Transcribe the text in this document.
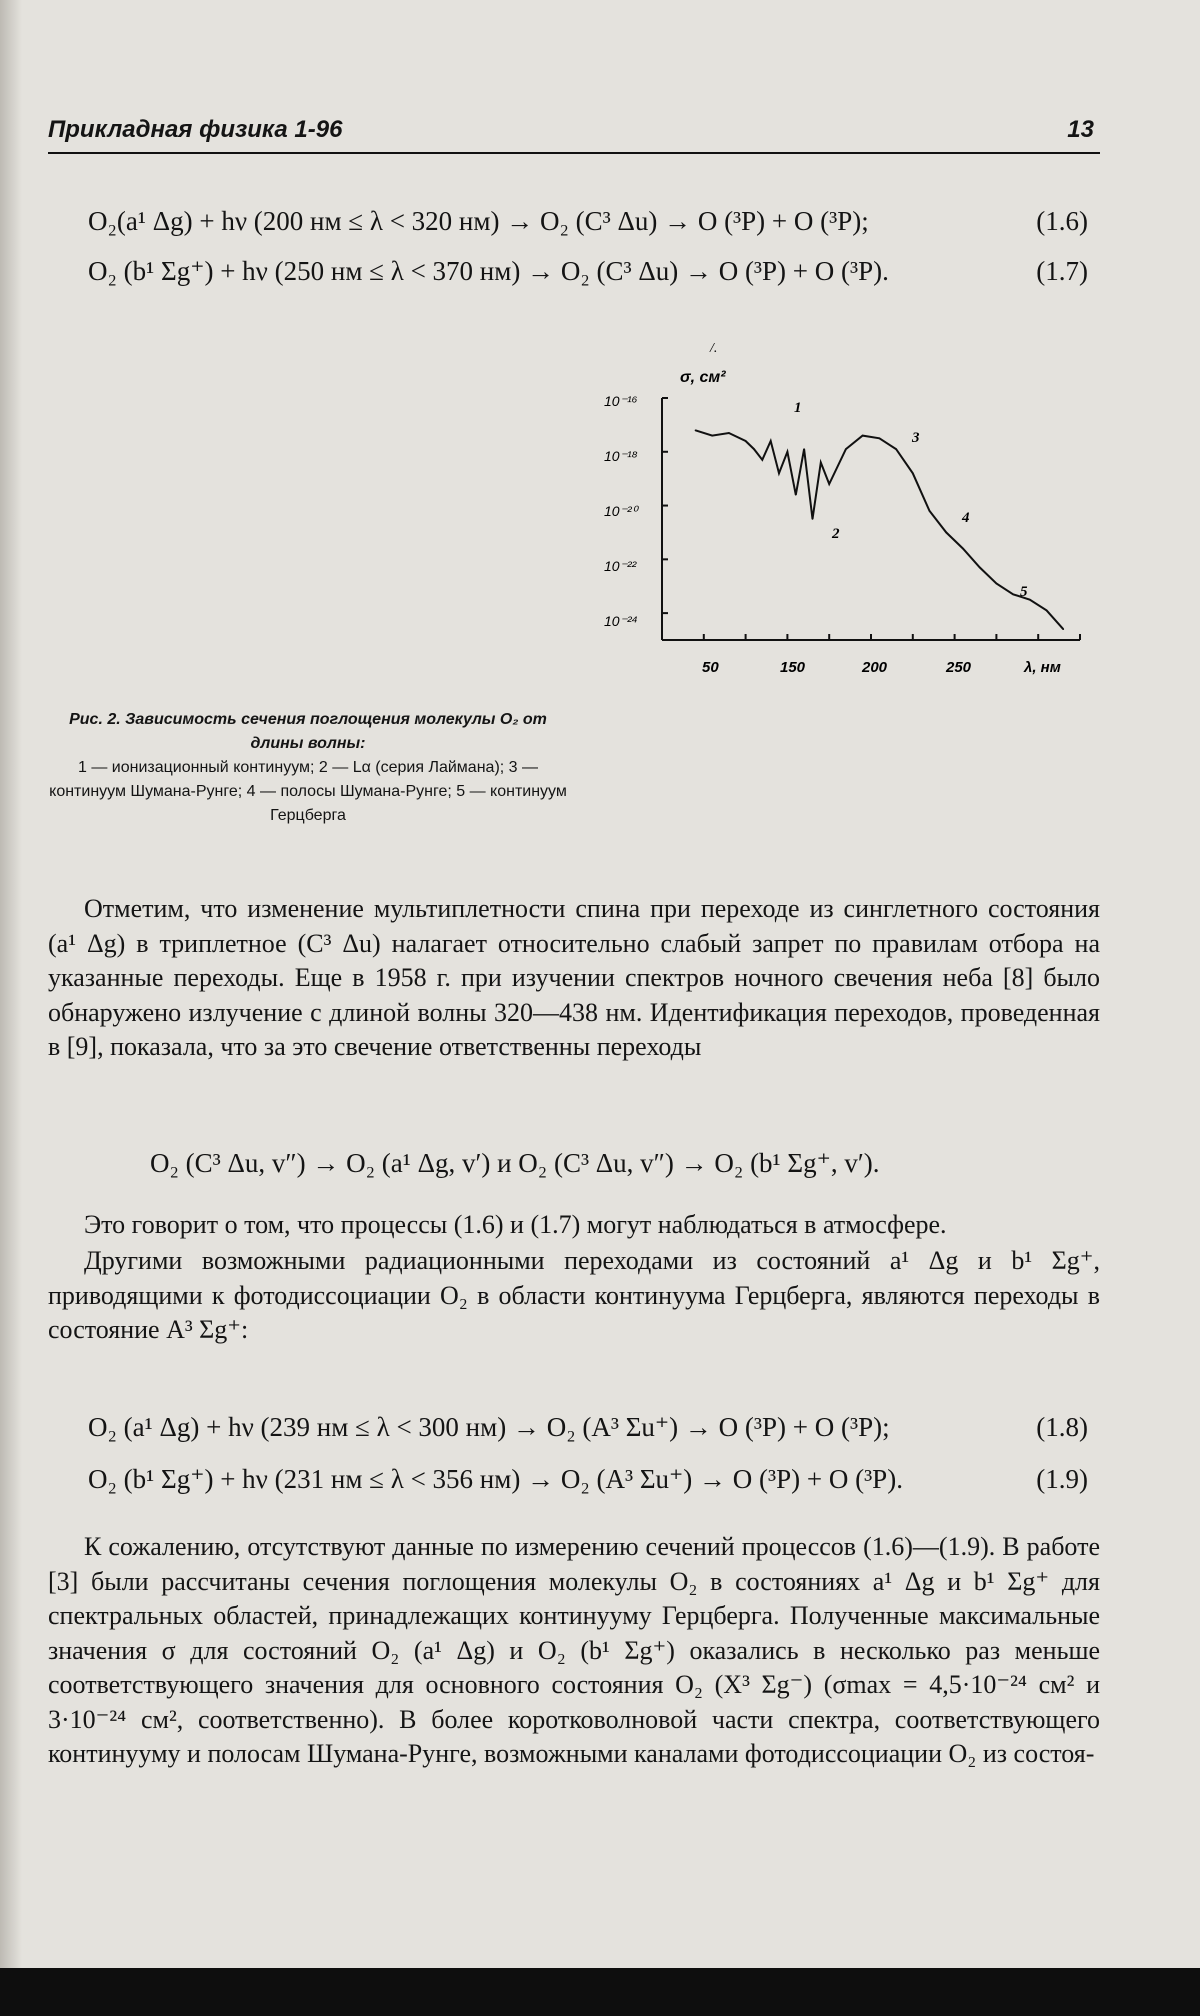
Прикладная физика 1-96	13
O₂(a¹ Δg) + hν (200 нм ≤ λ < 320 нм) → O₂ (C³ Δu) → O (³P) + O (³P);	(1.6)
O₂ (b¹ Σg⁺) + hν (250 нм ≤ λ < 370 нм) → O₂ (C³ Δu) → O (³P) + O (³P).	(1.7)
/.
σ, см²
10⁻¹⁶
10⁻¹⁸
10⁻²⁰
10⁻²²
10⁻²⁴
50	150	200	250	λ, нм
1
2
3
4
5
Рис. 2. Зависимость сечения поглощения молекулы O₂ от длины волны:
1 — ионизационный континуум; 2 — Lα (серия Лаймана); 3 — континуум Шумана-Рунге; 4 — полосы Шумана-Рунге; 5 — континуум Герцберга

Отметим, что изменение мультиплетности спина при переходе из синглетного состояния (a¹ Δg) в триплетное (C³ Δu) налагает относительно слабый запрет по правилам отбора на указанные переходы. Еще в 1958 г. при изучении спектров ночного свечения неба [8] было обнаружено излучение с длиной волны 320—438 нм. Идентификация переходов, проведенная в [9], показала, что за это свечение ответственны переходы

O₂ (C³ Δu, v″) → O₂ (a¹ Δg, v′) и O₂ (C³ Δu, v″) → O₂ (b¹ Σg⁺, v′).

Это говорит о том, что процессы (1.6) и (1.7) могут наблюдаться в атмосфере.

Другими возможными радиационными переходами из состояний a¹ Δg и b¹ Σg⁺, приводящими к фотодиссоциации O₂ в области континуума Герцберга, являются переходы в состояние A³ Σg⁺:

O₂ (a¹ Δg) + hν (239 нм ≤ λ < 300 нм) → O₂ (A³ Σu⁺) → O (³P) + O (³P);	(1.8)
O₂ (b¹ Σg⁺) + hν (231 нм ≤ λ < 356 нм) → O₂ (A³ Σu⁺) → O (³P) + O (³P).	(1.9)

К сожалению, отсутствуют данные по измерению сечений процессов (1.6)—(1.9). В работе [3] были рассчитаны сечения поглощения молекулы O₂ в состояниях a¹ Δg и b¹ Σg⁺ для спектральных областей, принадлежащих континууму Герцберга. Полученные максимальные значения σ для состояний O₂ (a¹ Δg) и O₂ (b¹ Σg⁺) оказались в несколько раз меньше соответствующего значения для основного состояния O₂ (X³ Σg⁻) (σmax = 4,5·10⁻²⁴ см² и 3·10⁻²⁴ см², соответственно). В более коротковолновой части спектра, соответствующего континууму и полосам Шумана-Рунге, возможными каналами фотодиссоциации O₂ из состоя-
